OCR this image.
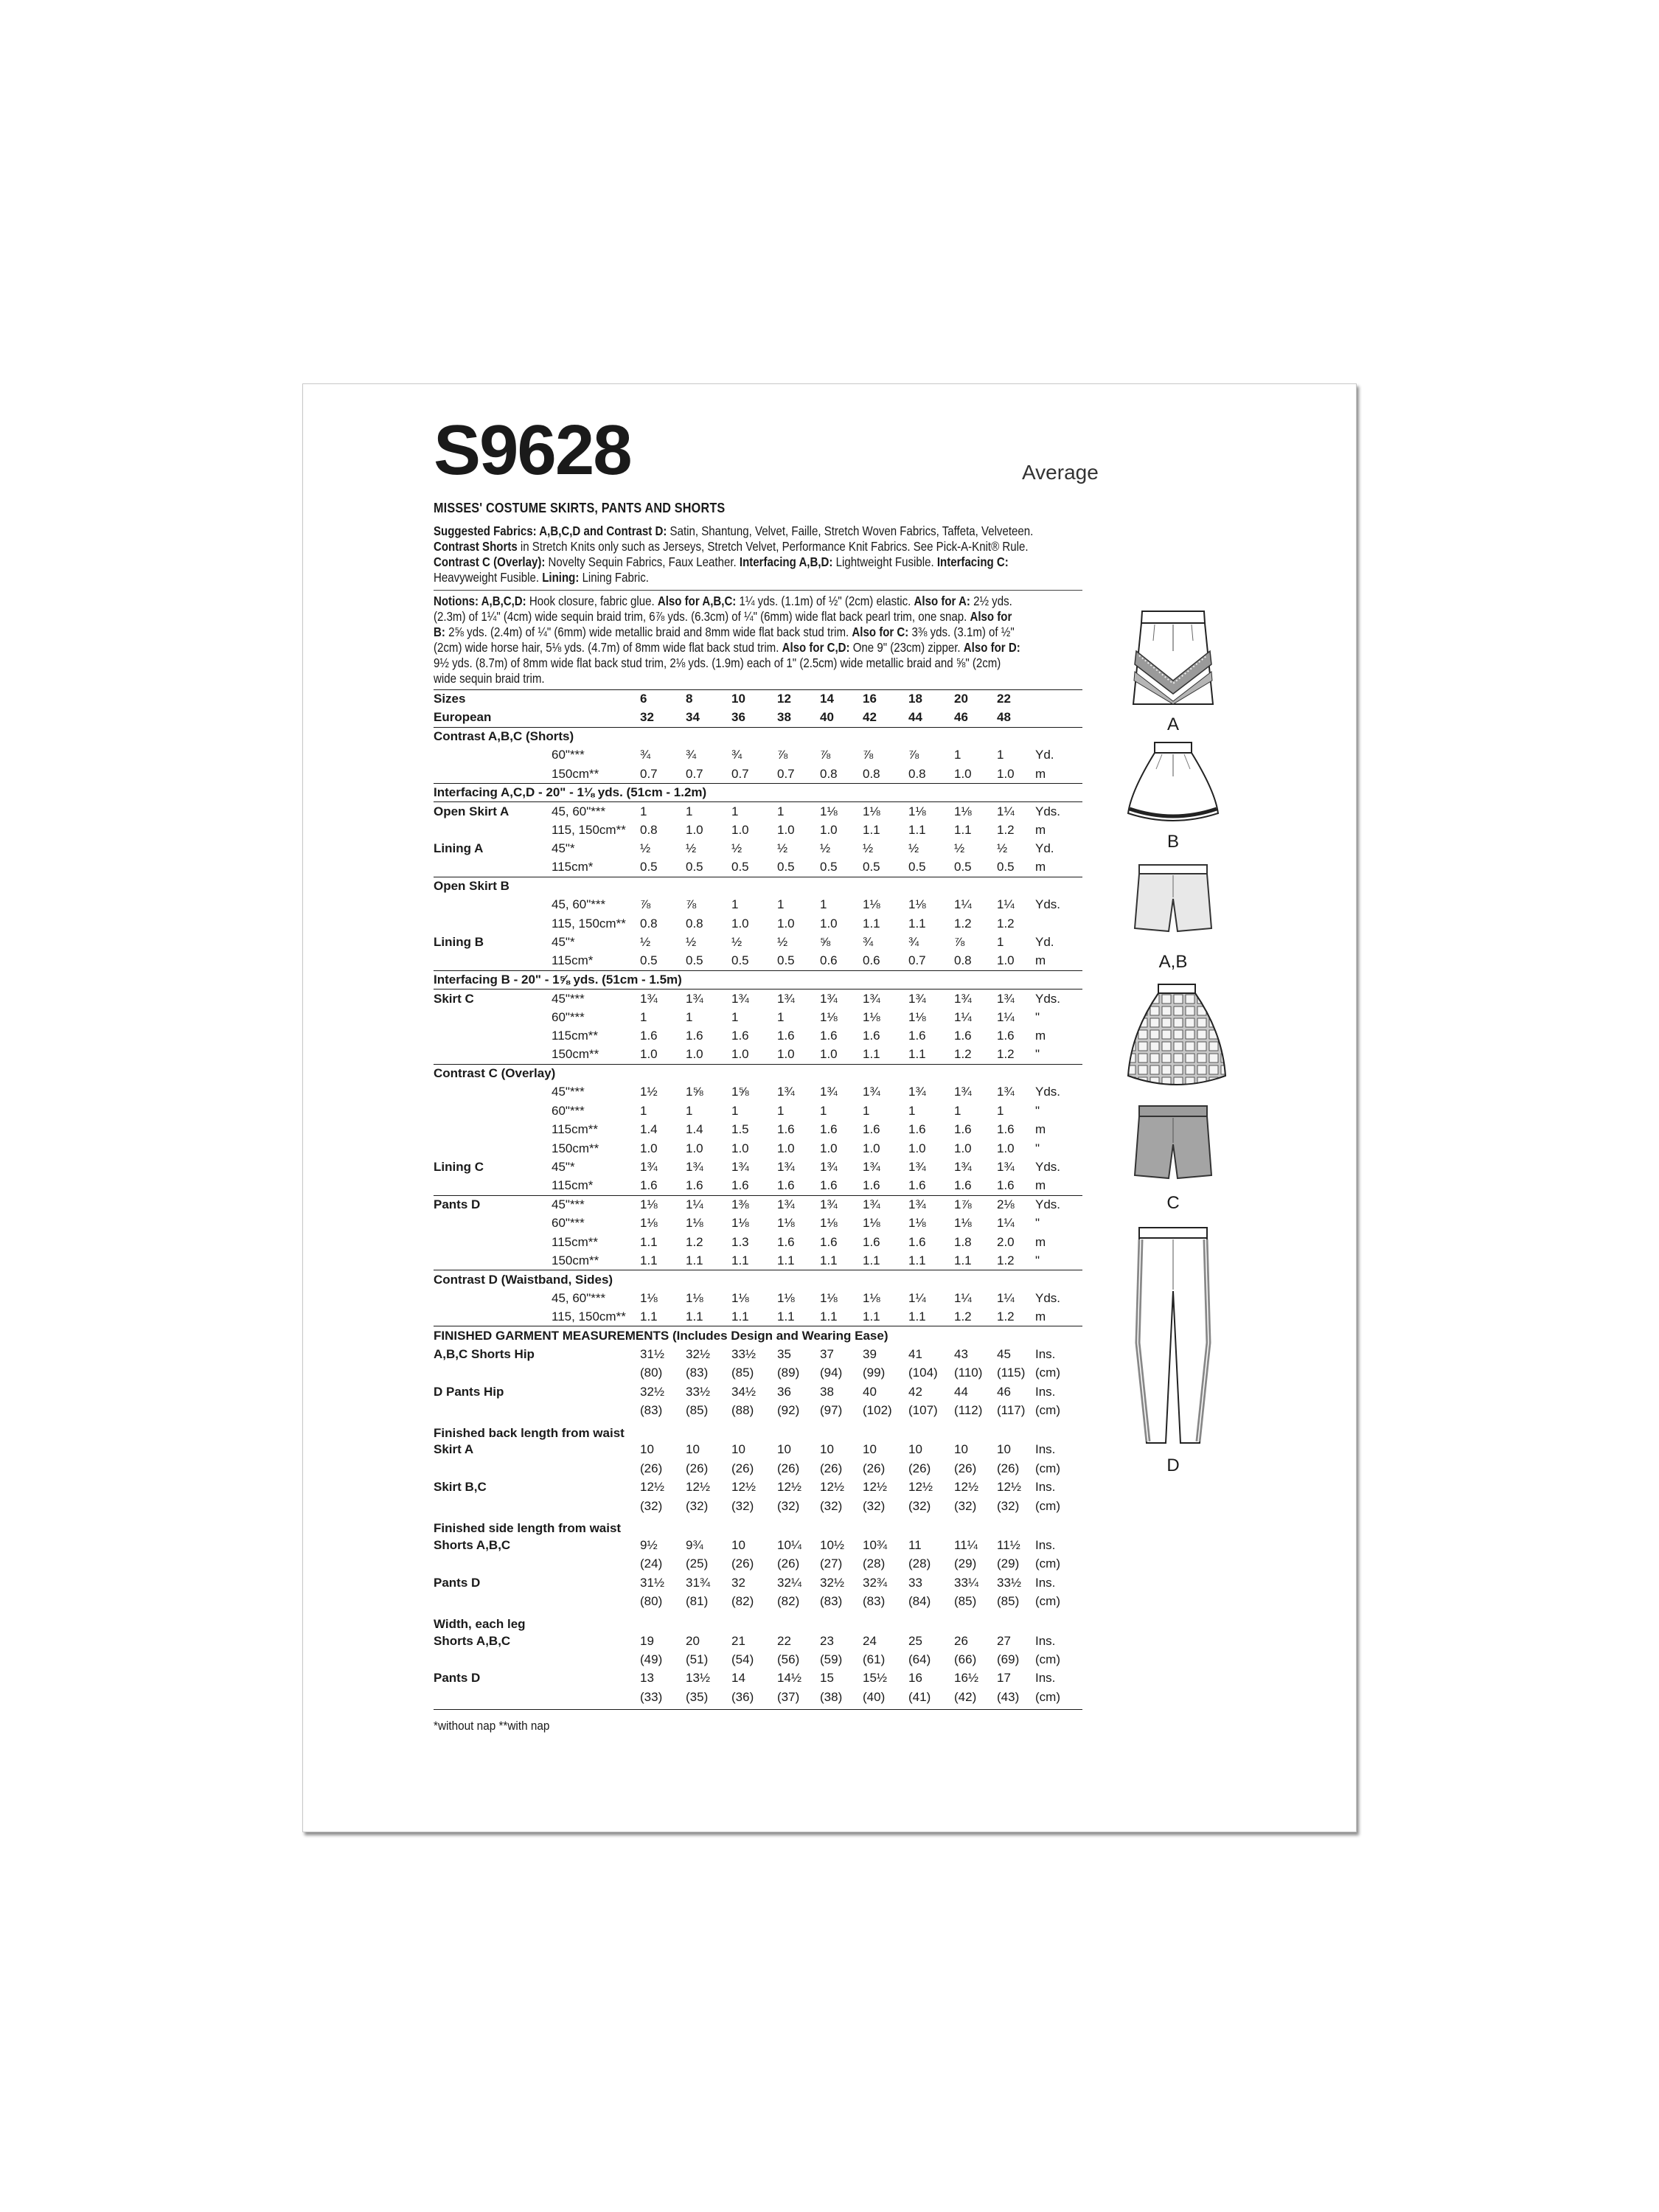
S9628	Average
MISSES' COSTUME SKIRTS, PANTS AND SHORTS
Suggested Fabrics: A,B,C,D and Contrast D: Satin, Shantung, Velvet, Faille, Stretch Woven Fabrics, Taffeta, Velveteen.
Contrast Shorts in Stretch Knits only such as Jerseys, Stretch Velvet, Performance Knit Fabrics. See Pick-A-Knit® Rule.
Contrast C (Overlay): Novelty Sequin Fabrics, Faux Leather. Interfacing A,B,D: Lightweight Fusible. Interfacing C:
Heavyweight Fusible. Lining: Lining Fabric.
Notions: A,B,C,D: Hook closure, fabric glue. Also for A,B,C: 1¼ yds. (1.1m) of ½" (2cm) elastic. Also for A: 2½ yds.
(2.3m) of 1¼" (4cm) wide sequin braid trim, 6⅞ yds. (6.3cm) of ¼" (6mm) wide flat back pearl trim, one snap. Also for
B: 2⅝ yds. (2.4m) of ¼" (6mm) wide metallic braid and 8mm wide flat back stud trim. Also for C: 3⅜ yds. (3.1m) of ½"
(2cm) wide horse hair, 5⅛ yds. (4.7m) of 8mm wide flat back stud trim. Also for C,D: One 9" (23cm) zipper. Also for D:
9½ yds. (8.7m) of 8mm wide flat back stud trim, 2⅛ yds. (1.9m) each of 1" (2.5cm) wide metallic braid and ⅝" (2cm)
wide sequin braid trim.
Sizes		6	8	10	12	14	16	18	20	22	
European		32	34	36	38	40	42	44	46	48	
Contrast A,B,C (Shorts)											
	60"***	¾	¾	¾	⅞	⅞	⅞	⅞	1	1	Yd.
	150cm**	0.7	0.7	0.7	0.7	0.8	0.8	0.8	1.0	1.0	m
Interfacing A,C,D - 20" - 1⅛ yds. (51cm - 1.2m)											
Open Skirt A	45, 60"***	1	1	1	1	1⅛	1⅛	1⅛	1⅛	1¼	Yds.
	115, 150cm**	0.8	1.0	1.0	1.0	1.0	1.1	1.1	1.1	1.2	m
Lining A	45"*	½	½	½	½	½	½	½	½	½	Yd.
	115cm*	0.5	0.5	0.5	0.5	0.5	0.5	0.5	0.5	0.5	m
Open Skirt B											
	45, 60"***	⅞	⅞	1	1	1	1⅛	1⅛	1¼	1¼	Yds.
	115, 150cm**	0.8	0.8	1.0	1.0	1.0	1.1	1.1	1.2	1.2	
Lining B	45"*	½	½	½	½	⅝	¾	¾	⅞	1	Yd.
	115cm*	0.5	0.5	0.5	0.5	0.6	0.6	0.7	0.8	1.0	m
Interfacing B - 20" - 1⅝ yds. (51cm - 1.5m)											
Skirt C	45"***	1¾	1¾	1¾	1¾	1¾	1¾	1¾	1¾	1¾	Yds.
	60"***	1	1	1	1	1⅛	1⅛	1⅛	1¼	1¼	"
	115cm**	1.6	1.6	1.6	1.6	1.6	1.6	1.6	1.6	1.6	m
	150cm**	1.0	1.0	1.0	1.0	1.0	1.1	1.1	1.2	1.2	"
Contrast C (Overlay)											
	45"***	1½	1⅝	1⅝	1¾	1¾	1¾	1¾	1¾	1¾	Yds.
	60"***	1	1	1	1	1	1	1	1	1	"
	115cm**	1.4	1.4	1.5	1.6	1.6	1.6	1.6	1.6	1.6	m
	150cm**	1.0	1.0	1.0	1.0	1.0	1.0	1.0	1.0	1.0	"
Lining C	45"*	1¾	1¾	1¾	1¾	1¾	1¾	1¾	1¾	1¾	Yds.
	115cm*	1.6	1.6	1.6	1.6	1.6	1.6	1.6	1.6	1.6	m
Pants D	45"***	1⅛	1¼	1⅜	1¾	1¾	1¾	1¾	1⅞	2⅛	Yds.
	60"***	1⅛	1⅛	1⅛	1⅛	1⅛	1⅛	1⅛	1⅛	1¼	"
	115cm**	1.1	1.2	1.3	1.6	1.6	1.6	1.6	1.8	2.0	m
	150cm**	1.1	1.1	1.1	1.1	1.1	1.1	1.1	1.1	1.2	"
Contrast D (Waistband, Sides)											
	45, 60"***	1⅛	1⅛	1⅛	1⅛	1⅛	1⅛	1¼	1¼	1¼	Yds.
	115, 150cm**	1.1	1.1	1.1	1.1	1.1	1.1	1.1	1.2	1.2	m
FINISHED GARMENT MEASUREMENTS (Includes Design and Wearing Ease)											
A,B,C Shorts Hip		31½	32½	33½	35	37	39	41	43	45	Ins.
		(80)	(83)	(85)	(89)	(94)	(99)	(104)	(110)	(115)	(cm)
D Pants Hip		32½	33½	34½	36	38	40	42	44	46	Ins.
		(83)	(85)	(88)	(92)	(97)	(102)	(107)	(112)	(117)	(cm)
Finished back length from waist											
Skirt A		10	10	10	10	10	10	10	10	10	Ins.
		(26)	(26)	(26)	(26)	(26)	(26)	(26)	(26)	(26)	(cm)
Skirt B,C		12½	12½	12½	12½	12½	12½	12½	12½	12½	Ins.
		(32)	(32)	(32)	(32)	(32)	(32)	(32)	(32)	(32)	(cm)
Finished side length from waist											
Shorts A,B,C		9½	9¾	10	10¼	10½	10¾	11	11¼	11½	Ins.
		(24)	(25)	(26)	(26)	(27)	(28)	(28)	(29)	(29)	(cm)
Pants D		31½	31¾	32	32¼	32½	32¾	33	33¼	33½	Ins.
		(80)	(81)	(82)	(82)	(83)	(83)	(84)	(85)	(85)	(cm)
Width, each leg											
Shorts A,B,C		19	20	21	22	23	24	25	26	27	Ins.
		(49)	(51)	(54)	(56)	(59)	(61)	(64)	(66)	(69)	(cm)
Pants D		13	13½	14	14½	15	15½	16	16½	17	Ins.
		(33)	(35)	(36)	(37)	(38)	(40)	(41)	(42)	(43)	(cm)
*without nap **with nap
A
B
A,B
C
D
